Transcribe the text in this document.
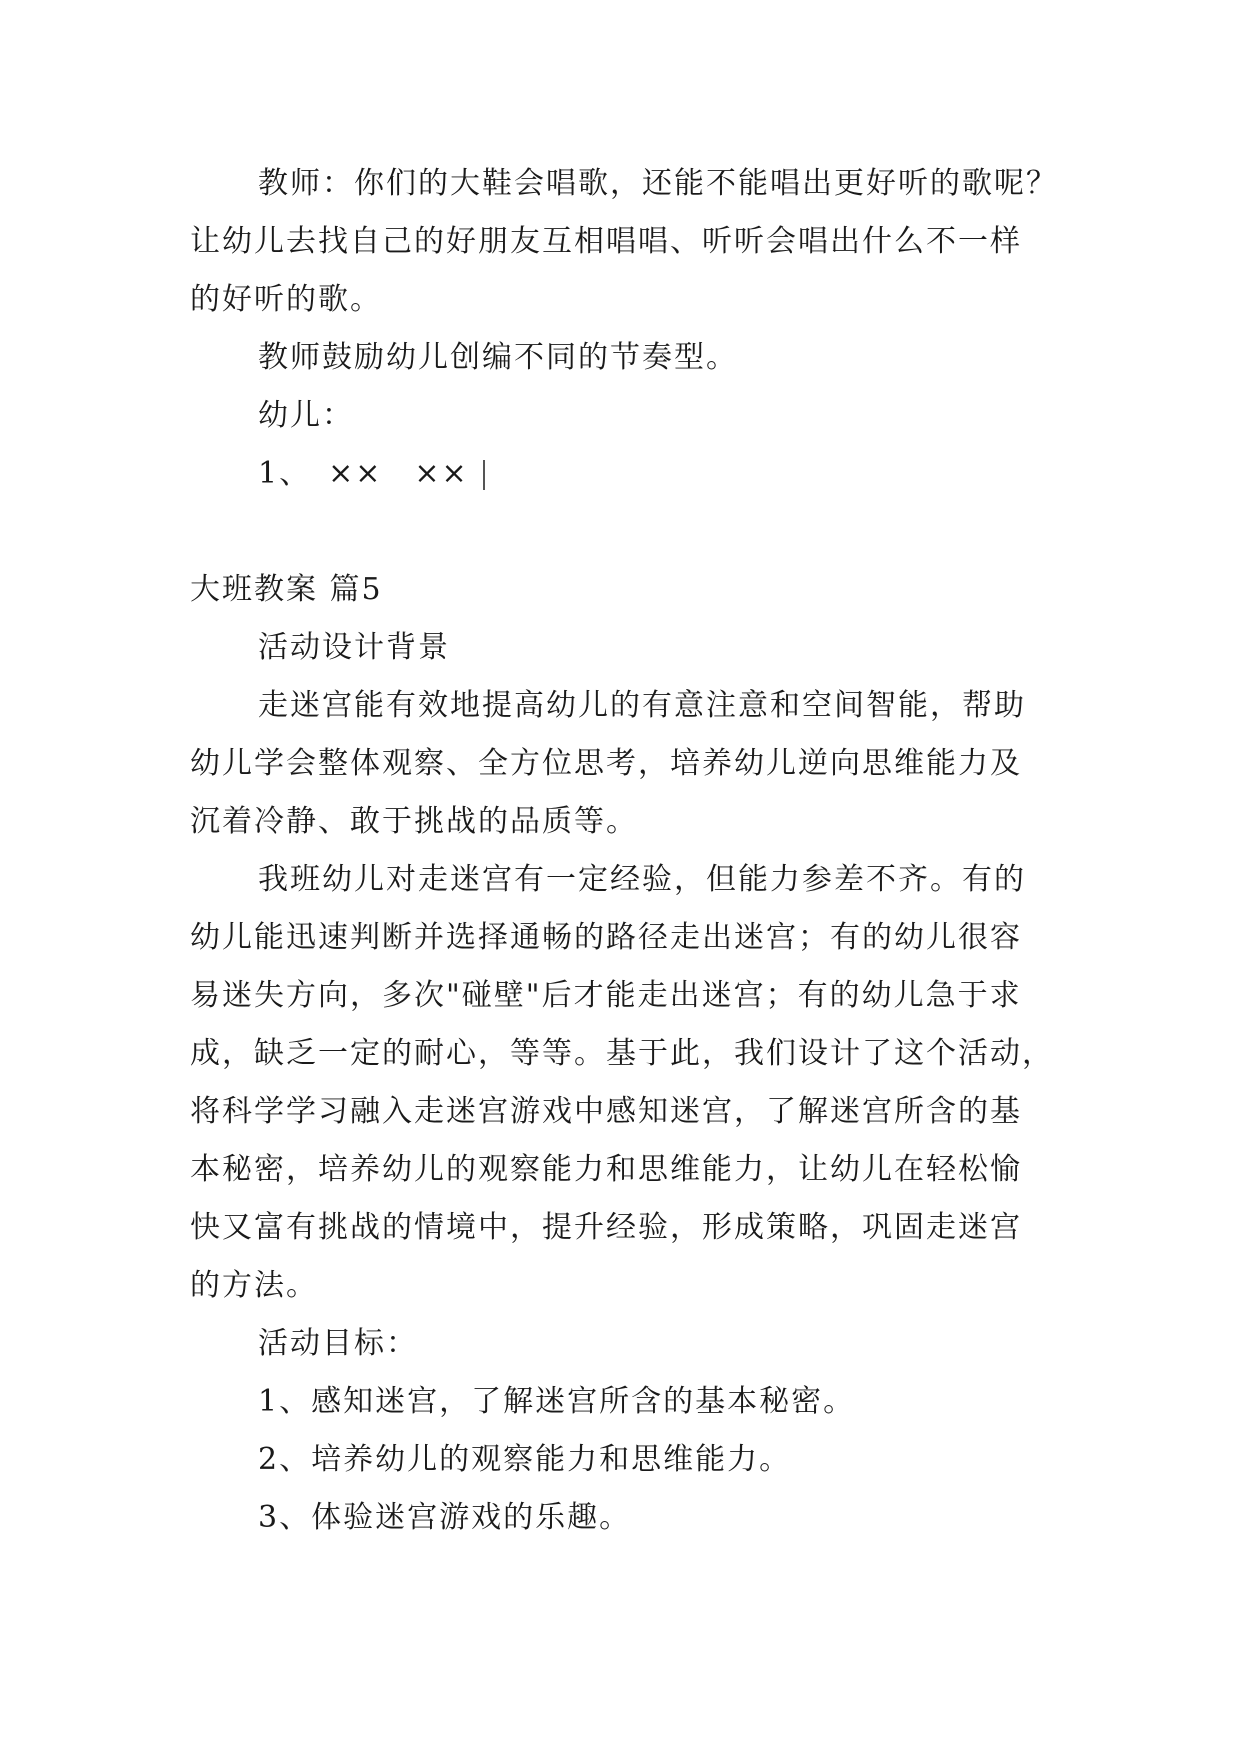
教师：你们的大鞋会唱歌，还能不能唱出更好听的歌呢？
让幼儿去找自己的好朋友互相唱唱、听听会唱出什么不一样
的好听的歌。
教师鼓励幼儿创编不同的节奏型。
幼儿：
1、　××　××
大班教案 篇5
活动设计背景
走迷宫能有效地提高幼儿的有意注意和空间智能，帮助
幼儿学会整体观察、全方位思考，培养幼儿逆向思维能力及
沉着冷静、敢于挑战的品质等。
我班幼儿对走迷宫有一定经验，但能力参差不齐。有的
幼儿能迅速判断并选择通畅的路径走出迷宫；有的幼儿很容
易迷失方向，多次"碰壁"后才能走出迷宫；有的幼儿急于求
成，缺乏一定的耐心，等等。基于此，我们设计了这个活动，
将科学学习融入走迷宫游戏中感知迷宫，了解迷宫所含的基
本秘密，培养幼儿的观察能力和思维能力，让幼儿在轻松愉
快又富有挑战的情境中，提升经验，形成策略，巩固走迷宫
的方法。
活动目标：
1、感知迷宫，了解迷宫所含的基本秘密。
2、培养幼儿的观察能力和思维能力。
3、体验迷宫游戏的乐趣。
